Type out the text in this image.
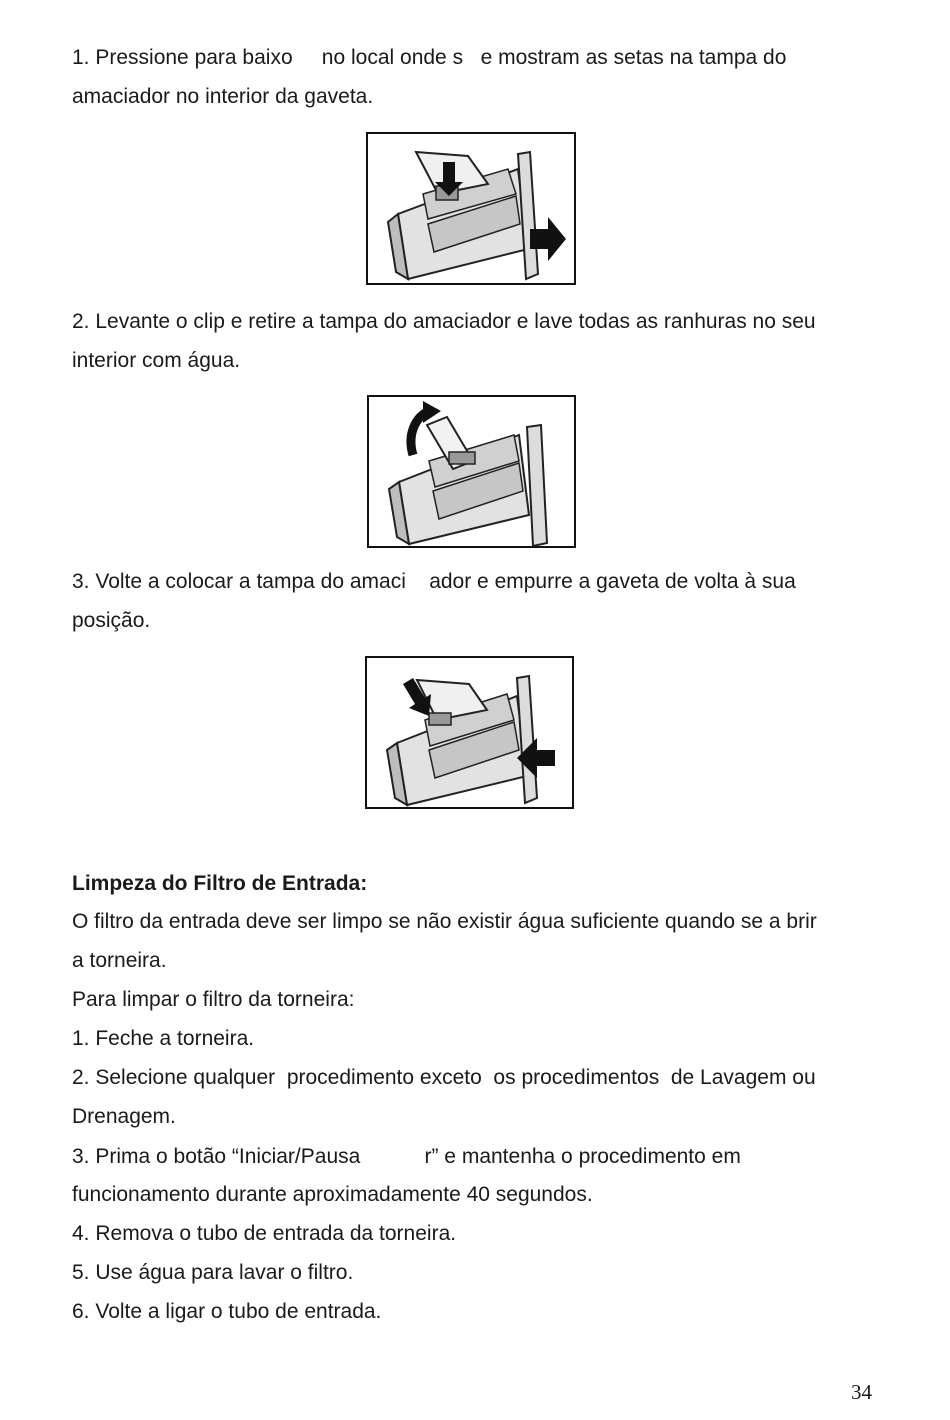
1. Pressione para baixo     no local onde s   e mostram as setas na tampa do

amaciador no interior da gaveta.

2. Levante o clip e retire a tampa do amaciador e lave todas as ranhuras no seu

interior com água.

3. Volte a colocar a tampa do amaci    ador e empurre a gaveta de volta à sua

posição.

Limpeza do Filtro de Entrada:

O filtro da entrada deve ser limpo se não existir água suficiente quando se a brir

a torneira.

Para limpar o filtro da torneira:

1. Feche a torneira.

2. Selecione qualquer  procedimento exceto  os procedimentos  de Lavagem ou

Drenagem.

3. Prima o botão “Iniciar/Pausa           r” e mantenha o procedimento em

funcionamento durante aproximadamente 40 segundos.

4. Remova o tubo de entrada da torneira.

5. Use água para lavar o filtro.

6. Volte a ligar o tubo de entrada.

34
